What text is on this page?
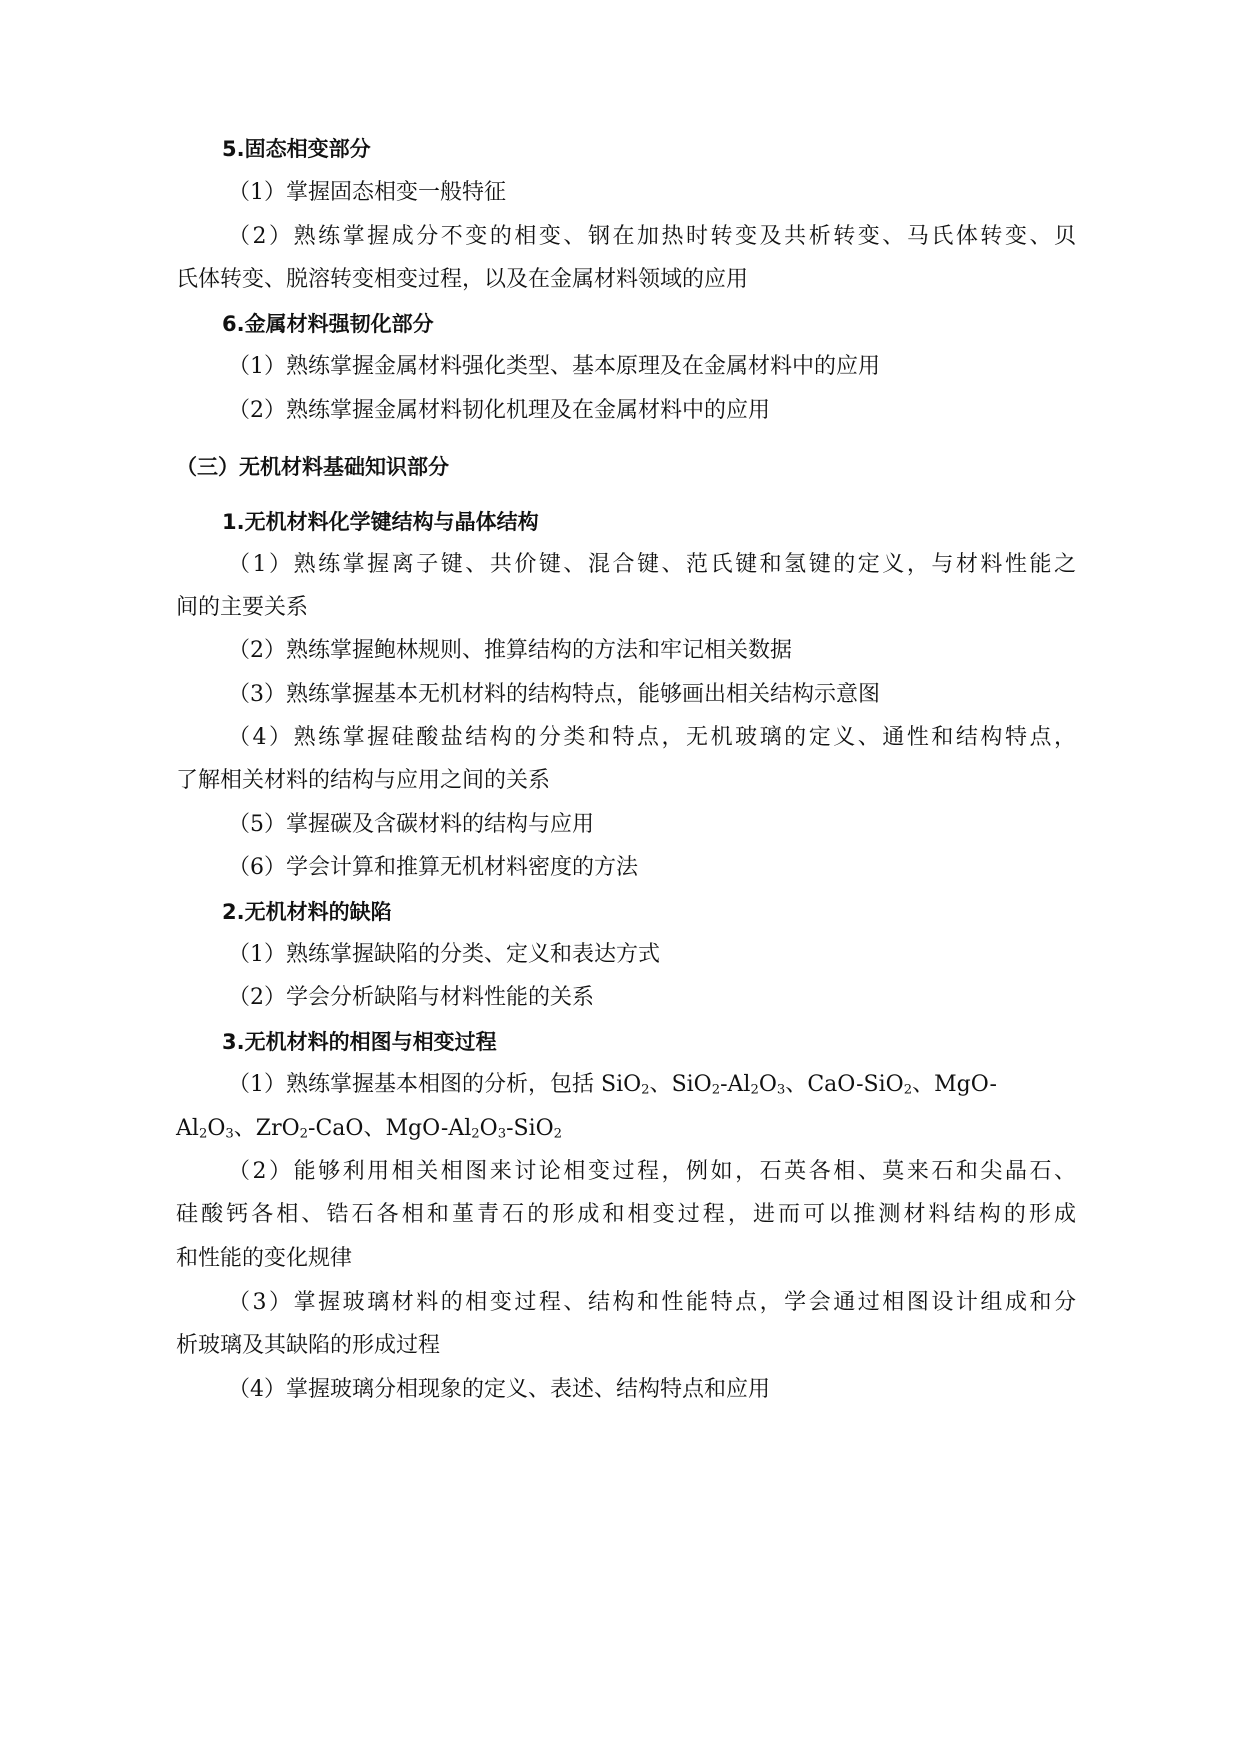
5.固态相变部分
（1）掌握固态相变一般特征
（2）熟练掌握成分不变的相变、钢在加热时转变及共析转变、马氏体转变、贝
氏体转变、脱溶转变相变过程，以及在金属材料领域的应用
6.金属材料强韧化部分
（1）熟练掌握金属材料强化类型、基本原理及在金属材料中的应用
（2）熟练掌握金属材料韧化机理及在金属材料中的应用
（三）无机材料基础知识部分
1.无机材料化学键结构与晶体结构
（1）熟练掌握离子键、共价键、混合键、范氏键和氢键的定义，与材料性能之
间的主要关系
（2）熟练掌握鲍林规则、推算结构的方法和牢记相关数据
（3）熟练掌握基本无机材料的结构特点，能够画出相关结构示意图
（4）熟练掌握硅酸盐结构的分类和特点，无机玻璃的定义、通性和结构特点，
了解相关材料的结构与应用之间的关系
（5）掌握碳及含碳材料的结构与应用
（6）学会计算和推算无机材料密度的方法
2.无机材料的缺陷
（1）熟练掌握缺陷的分类、定义和表达方式
（2）学会分析缺陷与材料性能的关系
3.无机材料的相图与相变过程
（1）熟练掌握基本相图的分析，包括 SiO$_2$、$SiO_2-Al_2O_3$、CaO-SiO$_2$、MgO-
$Al_2O_3$、ZrO$_2$-CaO、MgO-$Al_2O_3-SiO_2$
（2）能够利用相关相图来讨论相变过程，例如，石英各相、莫来石和尖晶石、
硅酸钙各相、锆石各相和堇青石的形成和相变过程，进而可以推测材料结构的形成
和性能的变化规律
（3）掌握玻璃材料的相变过程、结构和性能特点，学会通过相图设计组成和分
析玻璃及其缺陷的形成过程
（4）掌握玻璃分相现象的定义、表述、结构特点和应用
